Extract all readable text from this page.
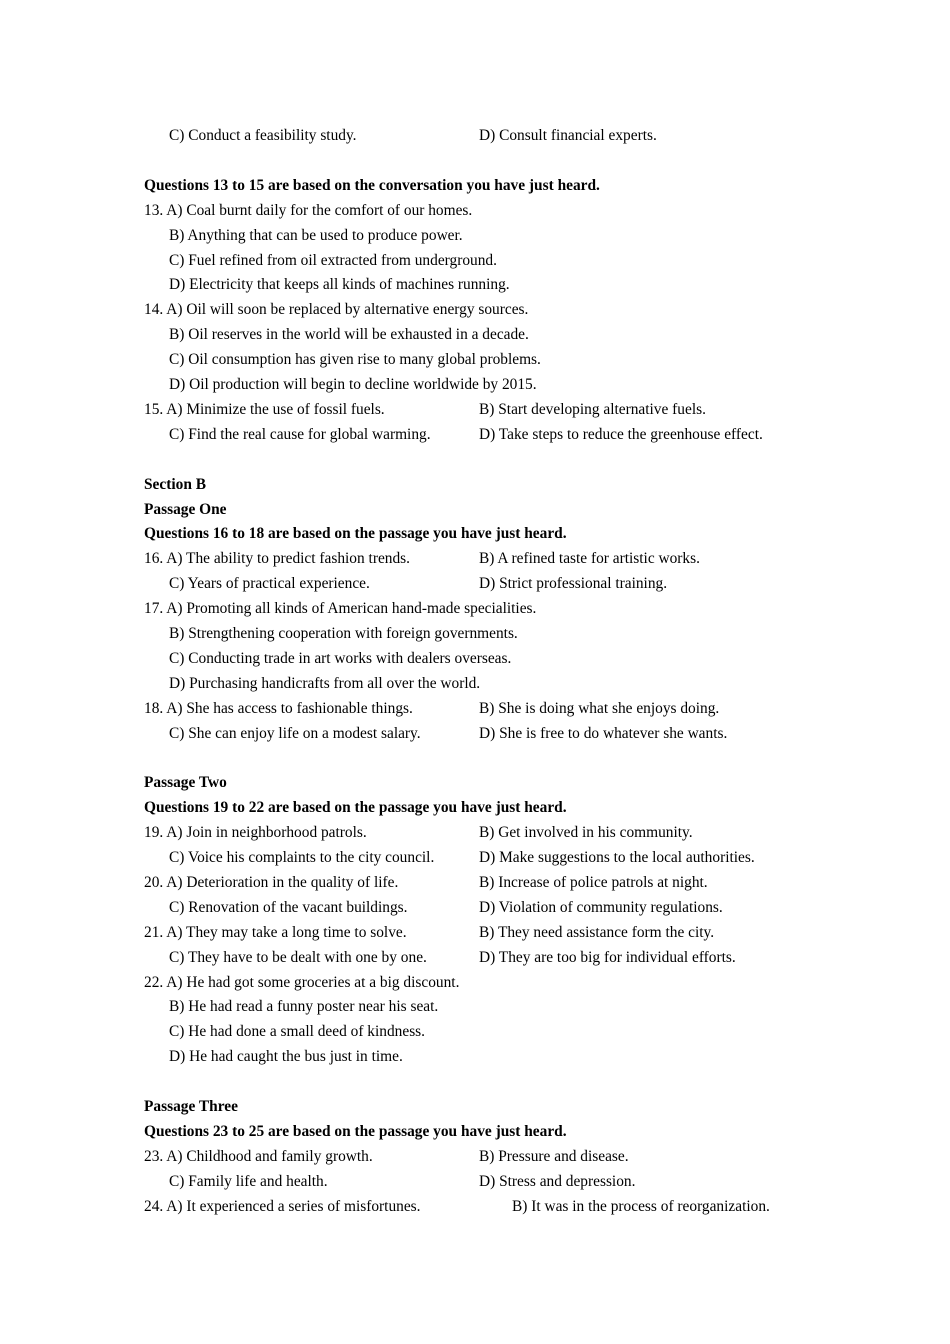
C) Conduct a feasibility study.	D) Consult financial experts.
Questions 13 to 15 are based on the conversation you have just heard.
13. A) Coal burnt daily for the comfort of our homes.
B) Anything that can be used to produce power.
C) Fuel refined from oil extracted from underground.
D) Electricity that keeps all kinds of machines running.
14. A) Oil will soon be replaced by alternative energy sources.
B) Oil reserves in the world will be exhausted in a decade.
C) Oil consumption has given rise to many global problems.
D) Oil production will begin to decline worldwide by 2015.
15. A) Minimize the use of fossil fuels.	B) Start developing alternative fuels.
C) Find the real cause for global warming.	D) Take steps to reduce the greenhouse effect.
Section B
Passage One
Questions 16 to 18 are based on the passage you have just heard.
16. A) The ability to predict fashion trends.	B) A refined taste for artistic works.
C) Years of practical experience.	D) Strict professional training.
17. A) Promoting all kinds of American hand-made specialities.
B) Strengthening cooperation with foreign governments.
C) Conducting trade in art works with dealers overseas.
D) Purchasing handicrafts from all over the world.
18. A) She has access to fashionable things.	B) She is doing what she enjoys doing.
C) She can enjoy life on a modest salary.	D) She is free to do whatever she wants.
Passage Two
Questions 19 to 22 are based on the passage you have just heard.
19. A) Join in neighborhood patrols.	B) Get involved in his community.
C) Voice his complaints to the city council.	D) Make suggestions to the local authorities.
20. A) Deterioration in the quality of life.	B) Increase of police patrols at night.
C) Renovation of the vacant buildings.	D) Violation of community regulations.
21. A) They may take a long time to solve.	B) They need assistance form the city.
C) They have to be dealt with one by one.	D) They are too big for individual efforts.
22. A) He had got some groceries at a big discount.
B) He had read a funny poster near his seat.
C) He had done a small deed of kindness.
D) He had caught the bus just in time.
Passage Three
Questions 23 to 25 are based on the passage you have just heard.
23. A) Childhood and family growth.	B) Pressure and disease.
C) Family life and health.	D) Stress and depression.
24. A) It experienced a series of misfortunes.	B) It was in the process of reorganization.
